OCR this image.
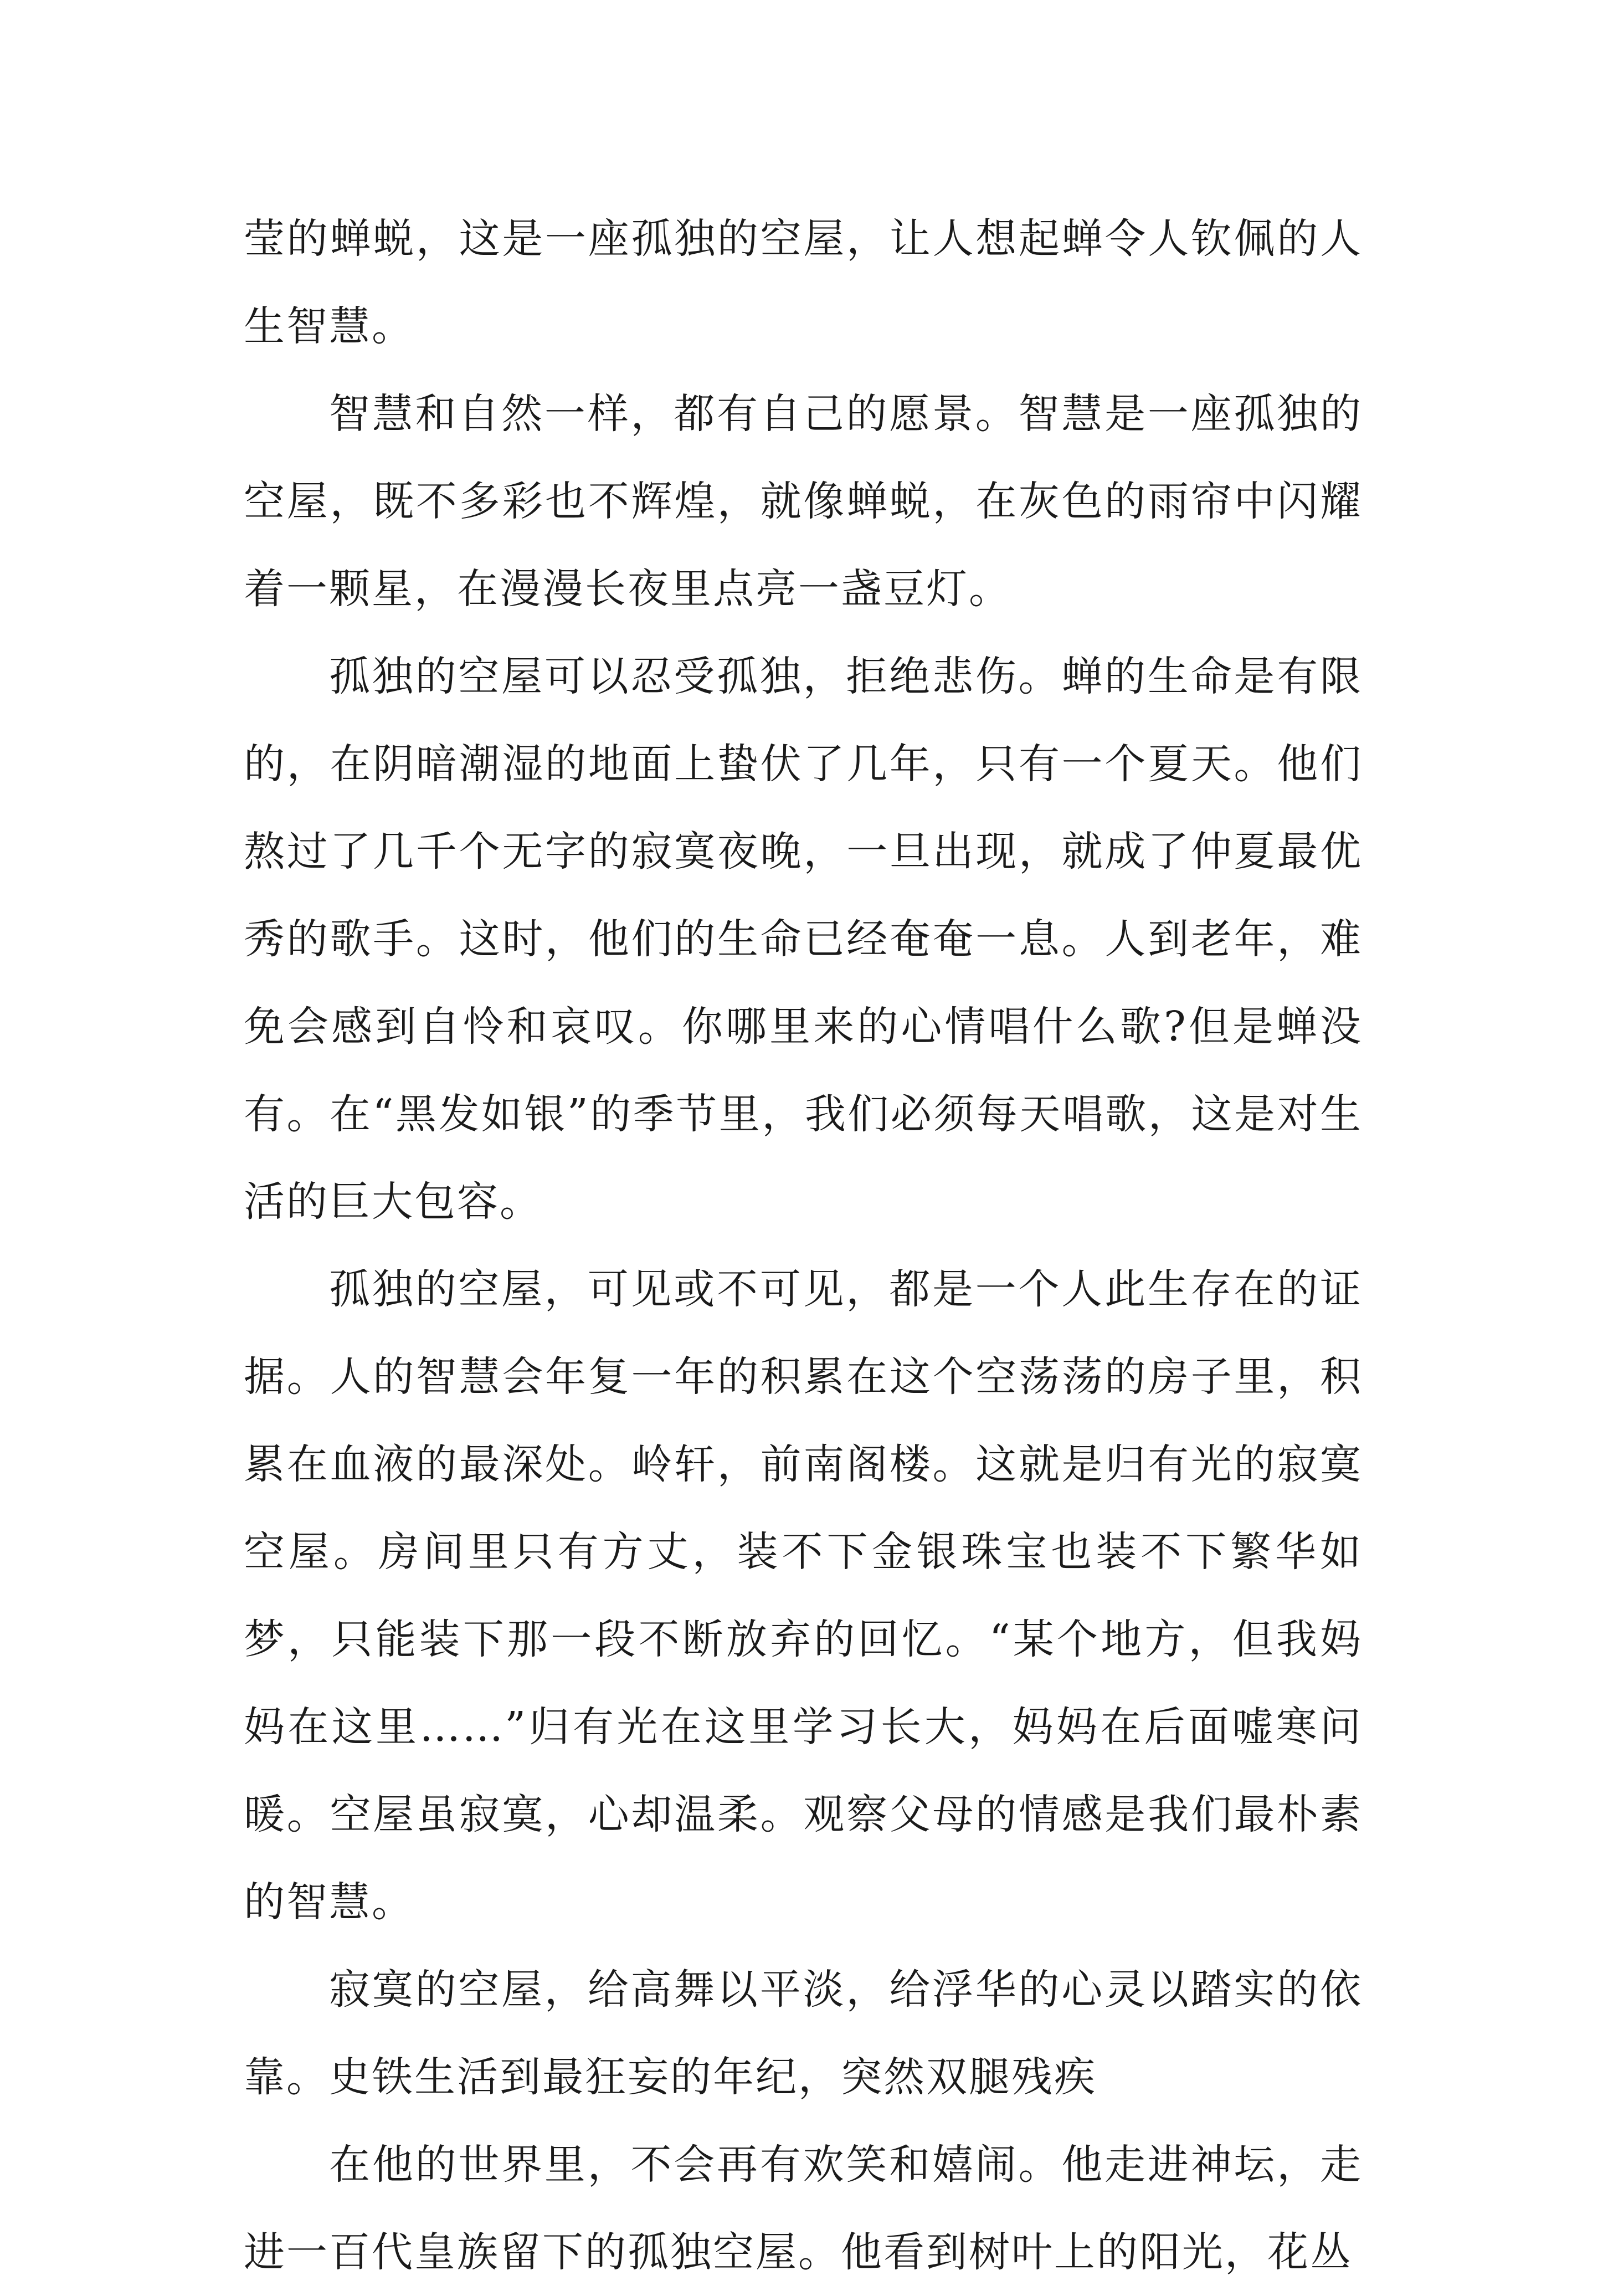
莹的蝉蜕，这是一座孤独的空屋，让人想起蝉令人钦佩的人生智慧。

智慧和自然一样，都有自己的愿景。智慧是一座孤独的空屋，既不多彩也不辉煌，就像蝉蜕，在灰色的雨帘中闪耀着一颗星，在漫漫长夜里点亮一盏豆灯。

孤独的空屋可以忍受孤独，拒绝悲伤。蝉的生命是有限的，在阴暗潮湿的地面上蛰伏了几年，只有一个夏天。他们熬过了几千个无字的寂寞夜晚，一旦出现，就成了仲夏最优秀的歌手。这时，他们的生命已经奄奄一息。人到老年，难免会感到自怜和哀叹。你哪里来的心情唱什么歌?但是蝉没有。在“黑发如银”的季节里，我们必须每天唱歌，这是对生活的巨大包容。

孤独的空屋，可见或不可见，都是一个人此生存在的证据。人的智慧会年复一年的积累在这个空荡荡的房子里，积累在血液的最深处。岭轩，前南阁楼。这就是归有光的寂寞空屋。房间里只有方丈，装不下金银珠宝也装不下繁华如梦，只能装下那一段不断放弃的回忆。“某个地方，但我妈妈在这里……”归有光在这里学习长大，妈妈在后面嘘寒问暖。空屋虽寂寞，心却温柔。观察父母的情感是我们最朴素的智慧。

寂寞的空屋，给高舞以平淡，给浮华的心灵以踏实的依靠。史铁生活到最狂妄的年纪，突然双腿残疾

在他的世界里，不会再有欢笑和嬉闹。他走进神坛，走进一百代皇族留下的孤独空屋。他看到树叶上的阳光，花丛
